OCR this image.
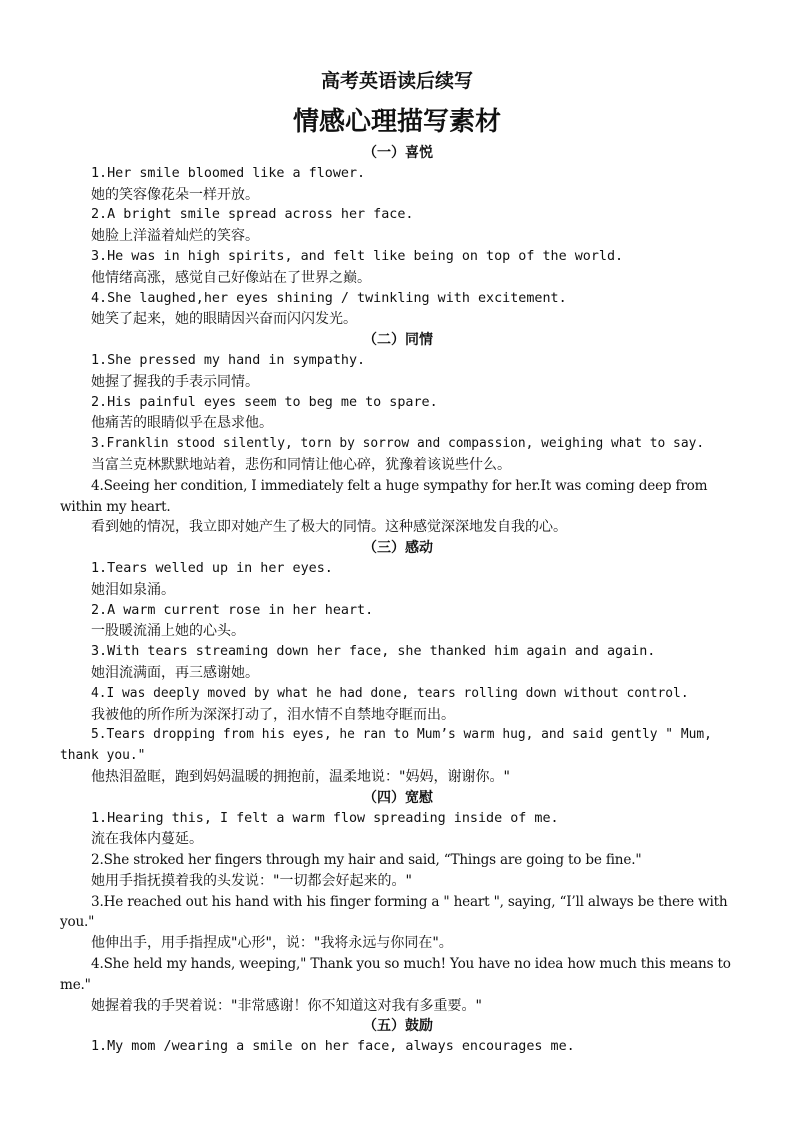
高考英语读后续写
情感心理描写素材
（一）喜悦
1.Her smile bloomed like a flower.
她的笑容像花朵一样开放。
2.A bright smile spread across her face.
她脸上洋溢着灿烂的笑容。
3.He was in high spirits, and felt like being on top of the world.
他情绪高涨，感觉自己好像站在了世界之巅。
4.She laughed,her eyes shining / twinkling with excitement.
她笑了起来，她的眼睛因兴奋而闪闪发光。
（二）同情
1.She pressed my hand in sympathy.
她握了握我的手表示同情。
2.His painful eyes seem to beg me to spare.
他痛苦的眼睛似乎在恳求他。
3.Franklin stood silently, torn by sorrow and compassion, weighing what to say.
当富兰克林默默地站着，悲伤和同情让他心碎，犹豫着该说些什么。
4.Seeing her condition, I immediately felt a huge sympathy for her.It was coming deep from within my heart.
看到她的情况，我立即对她产生了极大的同情。这种感觉深深地发自我的心。
（三）感动
1.Tears welled up in her eyes.
她泪如泉涌。
2.A warm current rose in her heart.
一股暖流涌上她的心头。
3.With tears streaming down her face, she thanked him again and again.
她泪流满面，再三感谢她。
4.I was deeply moved by what he had done, tears rolling down without control.
我被他的所作所为深深打动了，泪水情不自禁地夺眶而出。
5.Tears dropping from his eyes, he ran to Mum’s warm hug, and said gently " Mum, thank you."
他热泪盈眶，跑到妈妈温暖的拥抱前，温柔地说："妈妈，谢谢你。"
（四）宽慰
1.Hearing this, I felt a warm flow spreading inside of me.
流在我体内蔓延。
2.She stroked her fingers through my hair and said, “Things are going to be fine."
她用手指抚摸着我的头发说："一切都会好起来的。"
3.He reached out his hand with his finger forming a " heart ", saying, “I’ll always be there with you."
他伸出手，用手指捏成"心形"，说："我将永远与你同在"。
4.She held my hands, weeping," Thank you so much! You have no idea how much this means to me."
她握着我的手哭着说："非常感谢！你不知道这对我有多重要。"
（五）鼓励
1.My mom /wearing a smile on her face, always encourages me.
